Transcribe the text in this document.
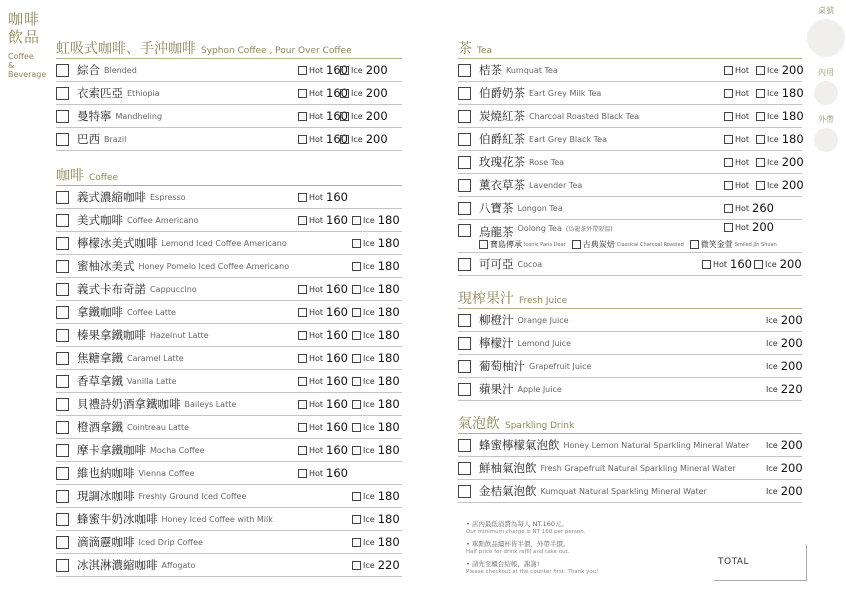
咖啡
飲品
Coffee
&
Beverage
桌號
內用
外帶
虹吸式咖啡、手沖咖啡 Syphon Coffee , Pour Over Coffee
綜合 Blended	Hot 160 Ice 200
衣索匹亞 Ethiopia	Hot 160 Ice 200
曼特寧 Mandheling	Hot 160 Ice 200
巴西 Brazil	Hot 160 Ice 200
咖啡 Coffee
義式濃縮咖啡 Espresso	Hot 160
美式咖啡 Coffee Americano	Hot 160 Ice 180
檸檬冰美式咖啡 Lemond Iced Coffee Americano	Ice 180
蜜柚冰美式 Honey Pomelo Iced Coffee Americano	Ice 180
義式卡布奇諾 Cappuccino	Hot 160 Ice 180
拿鐵咖啡 Coffee Latte	Hot 160 Ice 180
榛果拿鐵咖啡 Hazelnut Latte	Hot 160 Ice 180
焦糖拿鐵 Caramel Latte	Hot 160 Ice 180
香草拿鐵 Vanilla Latte	Hot 160 Ice 180
貝禮詩奶酒拿鐵咖啡 Baileys Latte	Hot 160 Ice 180
橙酒拿鐵 Cointreau Latte	Hot 160 Ice 180
摩卡拿鐵咖啡 Mocha Coffee	Hot 160 Ice 180
維也納咖啡 Vienna Coffee	Hot 160
現調冰咖啡 Freshly Ground Iced Coffee	Ice 180
蜂蜜牛奶冰咖啡 Honey Iced Coffee with Milk	Ice 180
滴滴靂咖啡 Iced Drip Coffee	Ice 180
冰淇淋濃縮咖啡 Affogato	Ice 220
茶 Tea
桔茶 Kumquat Tea	Hot Ice 200
伯爵奶茶 Eart Grey Milk Tea	Hot Ice 180
炭燒紅茶 Charcoal Roasted Black Tea	Hot Ice 180
伯爵紅茶 Eart Grey Black Tea	Hot Ice 180
玫瑰花茶 Rose Tea	Hot Ice 200
薰衣草茶 Lavender Tea	Hot Ice 200
八寶茶 Longon Tea	Hot 260
烏龍茶 Oolong Tea (烏龍茶外帶限溫)	Hot 200
寶島傳承 Iconic Paris Dear 古典炭焙 Classical Charcoal Roasted 微笑金萱 Smiled Jin Shuan
可可亞 Cocoa	Hot 160 Ice 200
現榨果汁 Fresh Juice
柳橙汁 Orange Juice	Ice 200
檸檬汁 Lemond Juice	Ice 200
葡萄柚汁 Grapefruit Juice	Ice 200
蘋果汁 Apple Juice	Ice 220
氣泡飲 Sparkling Drink
蜂蜜檸檬氣泡飲 Honey Lemon Natural Sparkling Mineral Water Ice 200
鮮柚氣泡飲 Fresh Grapefruit Natural Sparkling Mineral Water	Ice 200
金桔氣泡飲 Kumquat Natural Sparkling Mineral Water	Ice 200
• 店內最低消費為每人 NT.160元。
Our minimum charge is NT 160 per person.
• 單點飲品續杯皆半價，外帶半價。
Half price for drink refill and take out.
• 請先至櫃台結帳，謝謝!
Please checkout at the counter first. Thank you!
TOTAL
